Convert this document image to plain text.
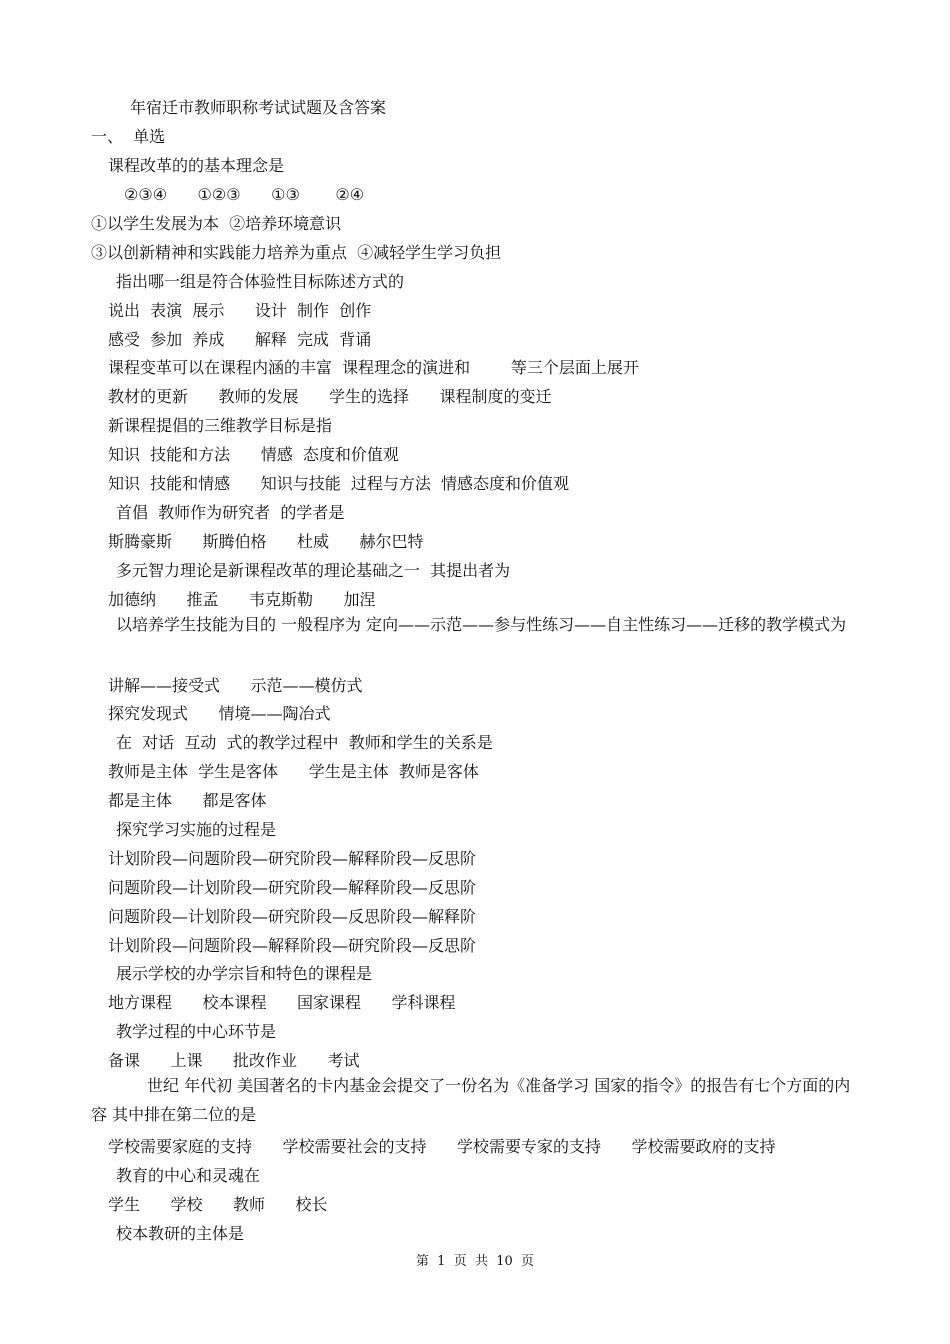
年宿迁市教师职称考试试题及含答案
一、  单选
课程改革的的基本理念是
②③④      ①②③      ①③       ②④
①以学生发展为本  ②培养环境意识
③以创新精神和实践能力培养为重点  ④减轻学生学习负担
指出哪一组是符合体验性目标陈述方式的
说出  表演  展示      设计  制作  创作
感受  参加  养成      解释  完成  背诵
课程变革可以在课程内涵的丰富  课程理念的演进和        等三个层面上展开
教材的更新      教师的发展      学生的选择      课程制度的变迁
新课程提倡的三维教学目标是指
知识  技能和方法      情感  态度和价值观
知识  技能和情感      知识与技能  过程与方法  情感态度和价值观
首倡  教师作为研究者  的学者是
斯腾豪斯      斯腾伯格      杜威      赫尔巴特
多元智力理论是新课程改革的理论基础之一  其提出者为
加德纳      推孟      韦克斯勒      加涅
以培养学生技能为目的 一般程序为 定向——示范——参与性练习——自主性练习——迁移的教学模式为
讲解——接受式      示范——模仿式
探究发现式      情境——陶冶式
在  对话  互动  式的教学过程中  教师和学生的关系是
教师是主体  学生是客体      学生是主体  教师是客体
都是主体      都是客体
探究学习实施的过程是
计划阶段—问题阶段—研究阶段—解释阶段—反思阶
问题阶段—计划阶段—研究阶段—解释阶段—反思阶
问题阶段—计划阶段—研究阶段—反思阶段—解释阶
计划阶段—问题阶段—解释阶段—研究阶段—反思阶
展示学校的办学宗旨和特色的课程是
地方课程      校本课程      国家课程      学科课程
教学过程的中心环节是
备课      上课      批改作业      考试
世纪 年代初 美国著名的卡内基金会提交了一份名为《准备学习 国家的指令》的报告有七个方面的内容 其中排在第二位的是
学校需要家庭的支持      学校需要社会的支持      学校需要专家的支持      学校需要政府的支持
教育的中心和灵魂在
学生      学校      教师      校长
校本教研的主体是
第  1  页  共  10  页
